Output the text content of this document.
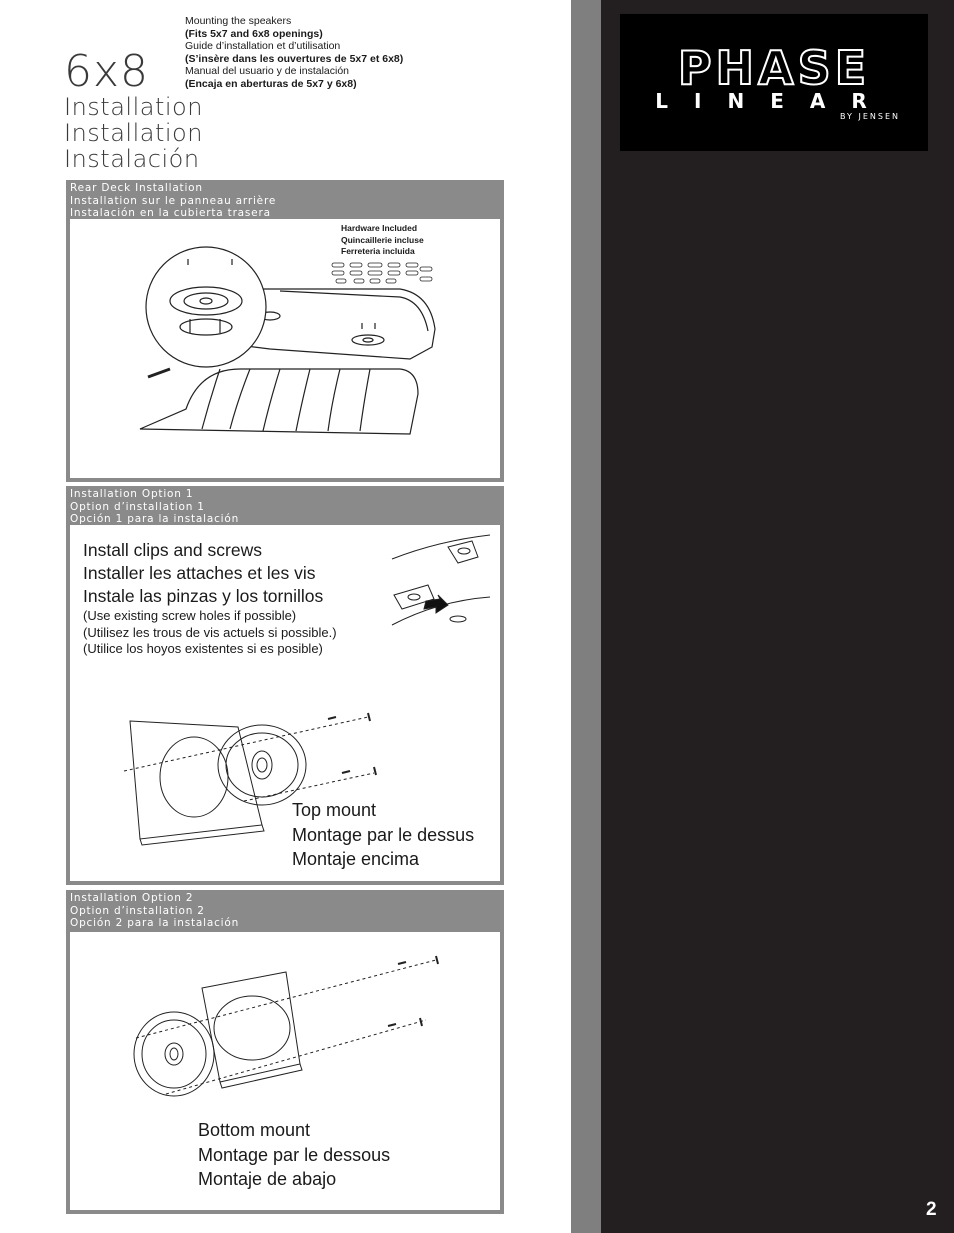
6x8
Installation
Installation
Instalación
Mounting the speakers
(Fits 5x7 and 6x8 openings)
Guide d’installation et d’utilisation
(S’insère dans les ouvertures de 5x7 et 6x8)
Manual del usuario y de instalación
(Encaja en aberturas de 5x7 y 6x8)
Rear Deck Installation
Installation sur le panneau arrière
Instalación en la cubierta trasera
Hardware Included
Quincaillerie incluse
Ferreteria incluida
Installation Option 1
Option d’installation 1
Opción 1 para la instalación
Install clips and screws
Installer les attaches et les vis
Instale las pinzas y los tornillos
(Use existing screw holes if possible)
(Utilisez les trous de vis actuels si possible.)
(Utilice los hoyos existentes si es posible)
Top mount
Montage par le dessus
Montaje encima
Installation Option 2
Option d’installation 2
Opción 2 para la instalación
Bottom mount
Montage par le dessous
Montaje de abajo
PHASE
LINEAR
BY JENSEN
2
